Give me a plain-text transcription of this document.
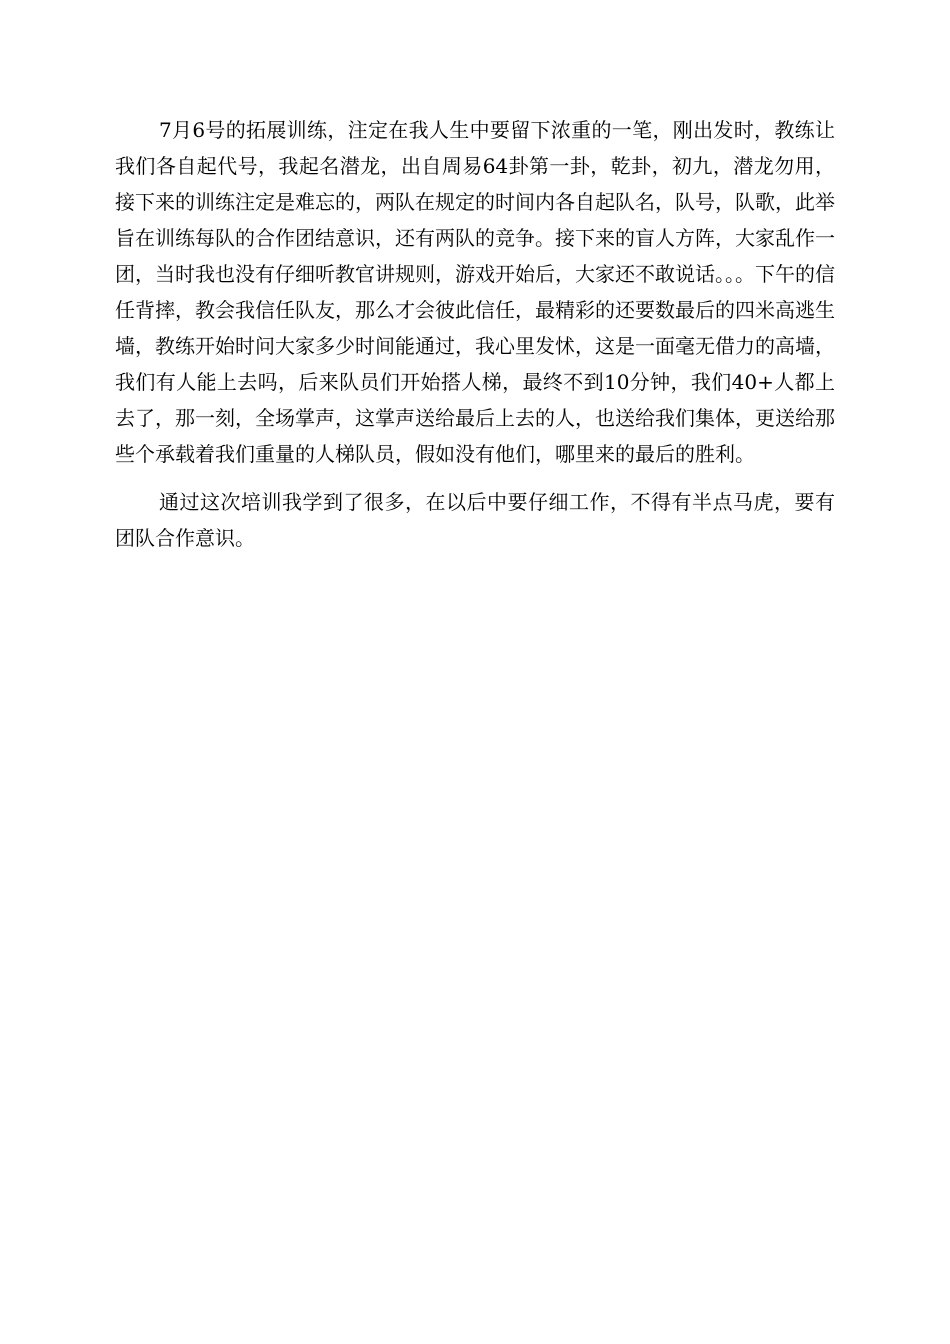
7月6号的拓展训练，注定在我人生中要留下浓重的一笔，刚出发时，教练让我们各自起代号，我起名潜龙，出自周易64卦第一卦，乾卦，初九，潜龙勿用，接下来的训练注定是难忘的，两队在规定的时间内各自起队名，队号，队歌，此举旨在训练每队的合作团结意识，还有两队的竞争。接下来的盲人方阵，大家乱作一团，当时我也没有仔细听教官讲规则，游戏开始后，大家还不敢说话。。。下午的信任背摔，教会我信任队友，那么才会彼此信任，最精彩的还要数最后的四米高逃生墙，教练开始时问大家多少时间能通过，我心里发怵，这是一面毫无借力的高墙，我们有人能上去吗，后来队员们开始搭人梯，最终不到10分钟，我们40+人都上去了，那一刻，全场掌声，这掌声送给最后上去的人，也送给我们集体，更送给那些个承载着我们重量的人梯队员，假如没有他们，哪里来的最后的胜利。

通过这次培训我学到了很多，在以后中要仔细工作，不得有半点马虎，要有团队合作意识。
